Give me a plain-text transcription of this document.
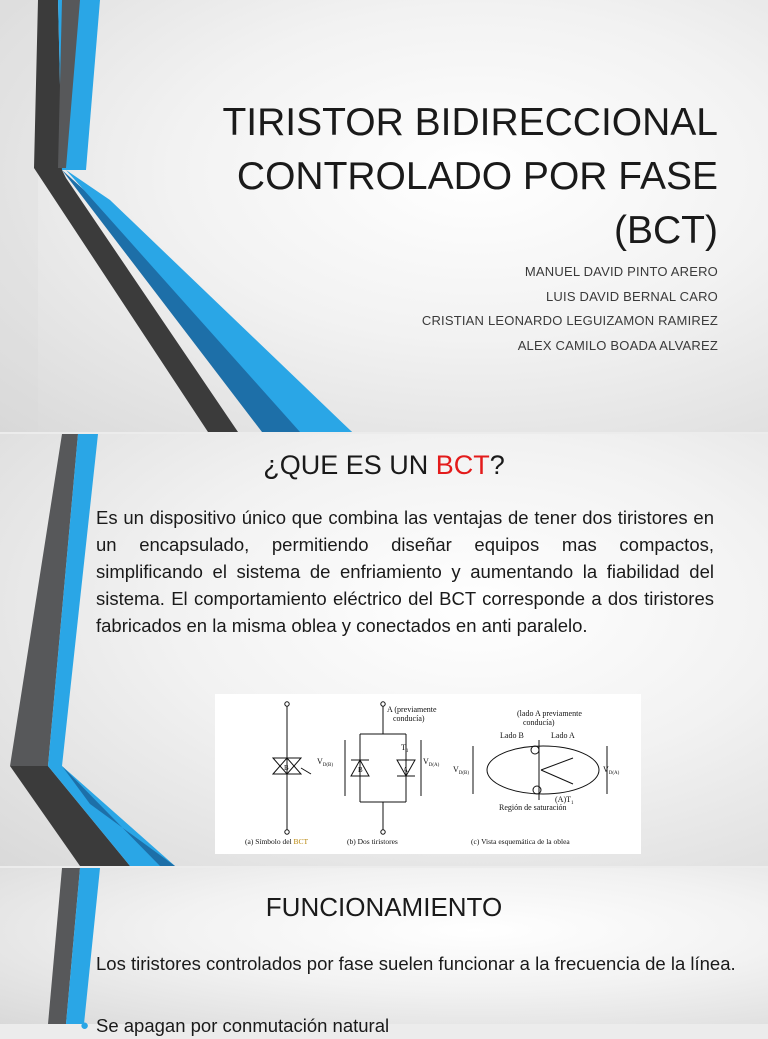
TIRISTOR BIDIRECCIONAL
CONTROLADO POR FASE
(BCT)
MANUEL DAVID PINTO ARERO
LUIS DAVID BERNAL CARO
CRISTIAN LEONARDO LEGUIZAMON RAMIREZ
ALEX CAMILO BOADA ALVAREZ
¿QUE ES UN BCT?
● Es un dispositivo único que combina las ventajas de tener dos tiristores en un encapsulado, permitiendo diseñar equipos mas compactos, simplificando el sistema de enfriamiento y aumentando la fiabilidad del sistema. El comportamiento eléctrico del BCT corresponde a dos tiristores fabricados en la misma oblea y conectados en anti paralelo.
B
A (previamente
conducía)
$T_1$
$V_{D(B)}$	$V_{D(A)}$
B	A
(lado A previamente
conducía)
Lado B	Lado A
$V_{D(B)}$	$V_{D(A)}$
$(A)T_1$
Región de saturación
(a) Símbolo del BCT	(b) Dos tiristores	(c) Vista esquemática de la oblea
FUNCIONAMIENTO
● Los tiristores controlados por fase suelen funcionar a la frecuencia de la línea.
● Se apagan por conmutación natural
